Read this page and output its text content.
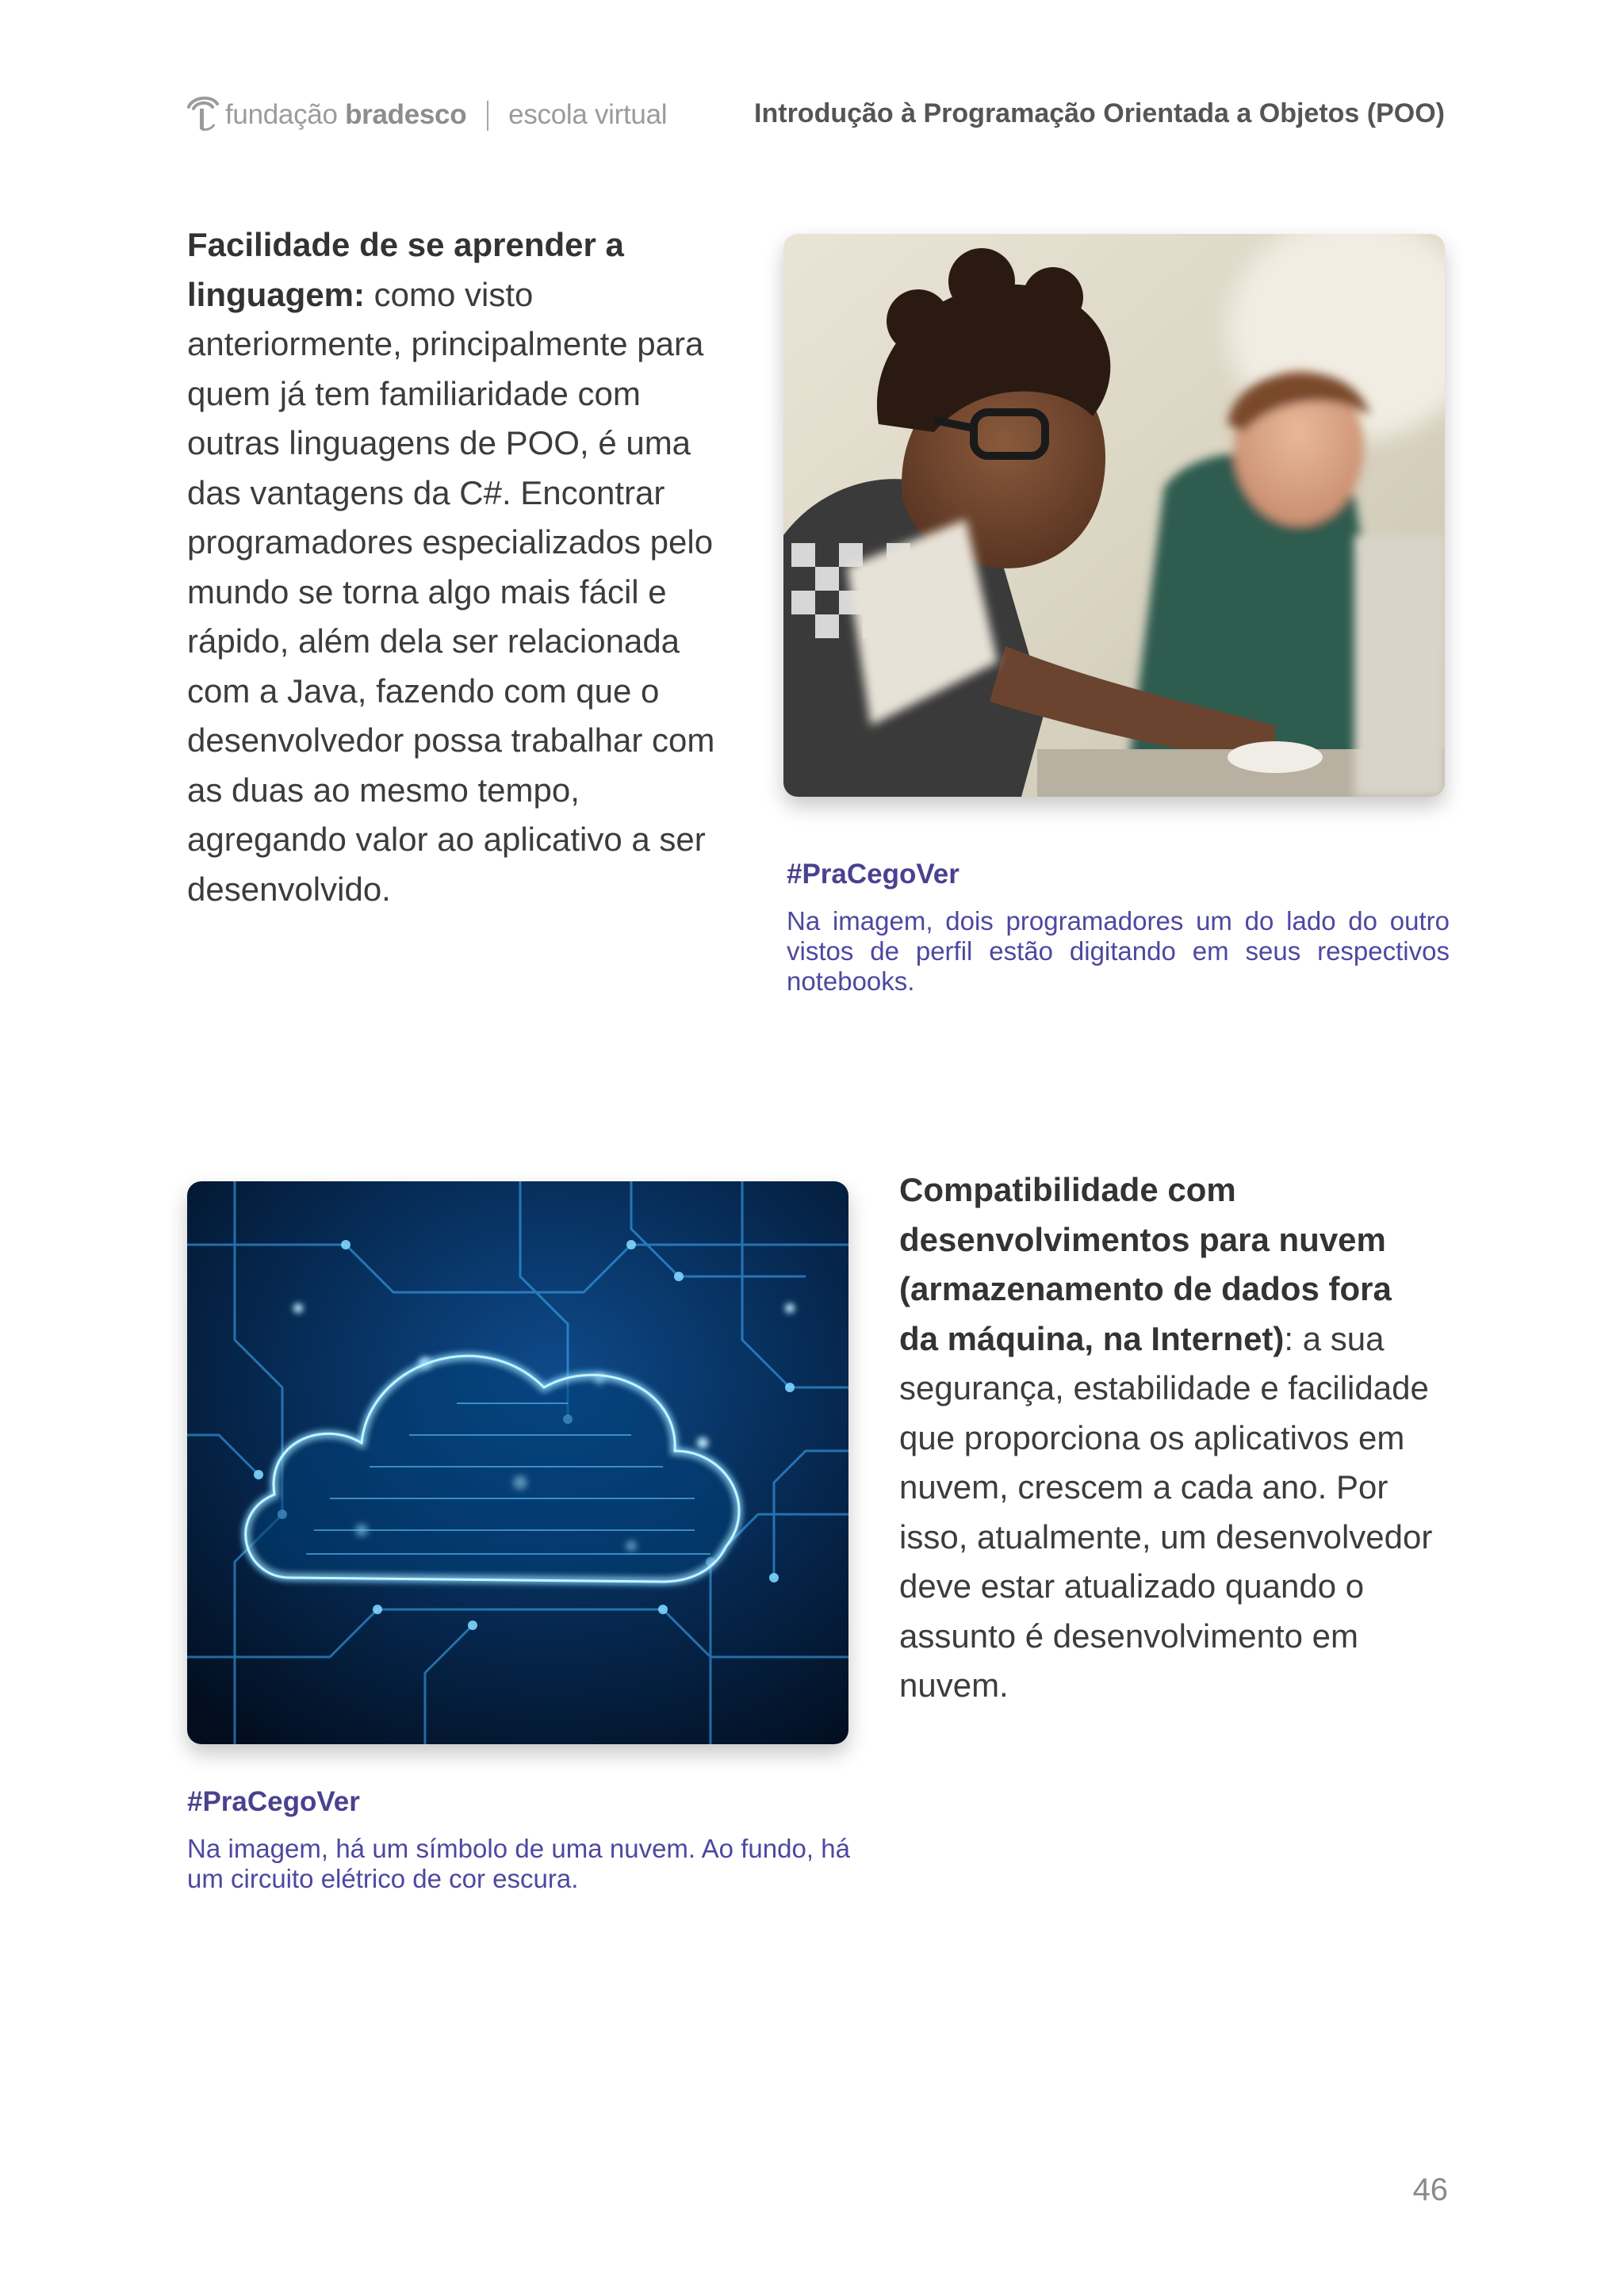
fundação bradesco escola virtual	Introdução à Programação Orientada a Objetos (POO)
Facilidade de se aprender a linguagem: como visto anteriormente, principalmente para quem já tem familiaridade com outras linguagens de POO, é uma das vantagens da C#. Encontrar programadores especializados pelo mundo se torna algo mais fácil e rápido, além dela ser relacionada com a Java, fazendo com que o desenvolvedor possa trabalhar com as duas ao mesmo tempo, agregando valor ao aplicativo a ser desenvolvido.	#PraCegoVer
Na imagem, dois programadores um do lado do outro vistos de perfil estão digitando em seus respectivos notebooks.
#PraCegoVer
Na imagem, há um símbolo de uma nuvem. Ao fundo, há um circuito elétrico de cor escura.
Compatibilidade com desenvolvimentos para nuvem (armazenamento de dados fora da máquina, na Internet): a sua segurança, estabilidade e facilidade que proporciona os aplicativos em nuvem, crescem a cada ano. Por isso, atualmente, um desenvolvedor deve estar atualizado quando o assunto é desenvolvimento em nuvem.
46
